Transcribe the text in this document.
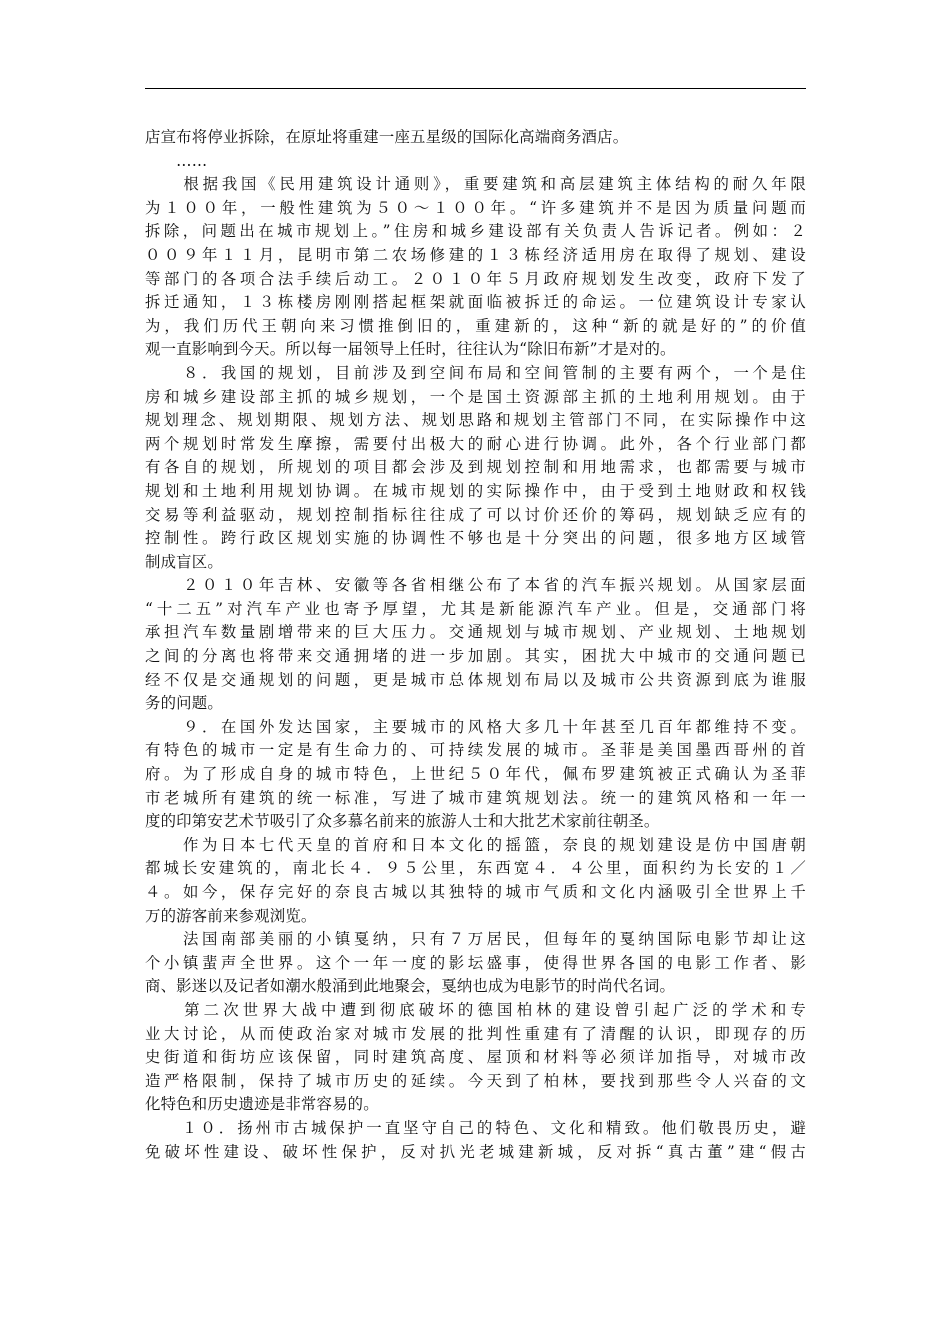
店宣布将停业拆除，在原址将重建一座五星级的国际化高端商务酒店。
　　……
　　根据我国《民用建筑设计通则》，重要建筑和高层建筑主体结构的耐久年限
为１００年，一般性建筑为５０～１００年。“许多建筑并不是因为质量问题而
拆除，问题出在城市规划上。”住房和城乡建设部有关负责人告诉记者。例如：２
００９年１１月，昆明市第二农场修建的１３栋经济适用房在取得了规划、建设
等部门的各项合法手续后动工。２０１０年５月政府规划发生改变，政府下发了
拆迁通知，１３栋楼房刚刚搭起框架就面临被拆迁的命运。一位建筑设计专家认
为，我们历代王朝向来习惯推倒旧的，重建新的，这种“新的就是好的”的价值
观一直影响到今天。所以每一届领导上任时，往往认为“除旧布新”才是对的。
　　８．我国的规划，目前涉及到空间布局和空间管制的主要有两个，一个是住
房和城乡建设部主抓的城乡规划，一个是国土资源部主抓的土地利用规划。由于
规划理念、规划期限、规划方法、规划思路和规划主管部门不同，在实际操作中这
两个规划时常发生摩擦，需要付出极大的耐心进行协调。此外，各个行业部门都
有各自的规划，所规划的项目都会涉及到规划控制和用地需求，也都需要与城市
规划和土地利用规划协调。在城市规划的实际操作中，由于受到土地财政和权钱
交易等利益驱动，规划控制指标往往成了可以讨价还价的筹码，规划缺乏应有的
控制性。跨行政区规划实施的协调性不够也是十分突出的问题，很多地方区域管
制成盲区。
　　２０１０年吉林、安徽等各省相继公布了本省的汽车振兴规划。从国家层面
“十二五”对汽车产业也寄予厚望，尤其是新能源汽车产业。但是，交通部门将
承担汽车数量剧增带来的巨大压力。交通规划与城市规划、产业规划、土地规划
之间的分离也将带来交通拥堵的进一步加剧。其实，困扰大中城市的交通问题已
经不仅是交通规划的问题，更是城市总体规划布局以及城市公共资源到底为谁服
务的问题。
　　９．在国外发达国家，主要城市的风格大多几十年甚至几百年都维持不变。
有特色的城市一定是有生命力的、可持续发展的城市。圣菲是美国墨西哥州的首
府。为了形成自身的城市特色，上世纪５０年代，佩布罗建筑被正式确认为圣菲
市老城所有建筑的统一标准，写进了城市建筑规划法。统一的建筑风格和一年一
度的印第安艺术节吸引了众多慕名前来的旅游人士和大批艺术家前往朝圣。
　　作为日本七代天皇的首府和日本文化的摇篮，奈良的规划建设是仿中国唐朝
都城长安建筑的，南北长４．９５公里，东西宽４．４公里，面积约为长安的１／
４。如今，保存完好的奈良古城以其独特的城市气质和文化内涵吸引全世界上千
万的游客前来参观浏览。
　　法国南部美丽的小镇戛纳，只有７万居民，但每年的戛纳国际电影节却让这
个小镇蜚声全世界。这个一年一度的影坛盛事，使得世界各国的电影工作者、影
商、影迷以及记者如潮水般涌到此地聚会，戛纳也成为电影节的时尚代名词。
　　第二次世界大战中遭到彻底破坏的德国柏林的建设曾引起广泛的学术和专
业大讨论，从而使政治家对城市发展的批判性重建有了清醒的认识，即现存的历
史街道和街坊应该保留，同时建筑高度、屋顶和材料等必须详加指导，对城市改
造严格限制，保持了城市历史的延续。今天到了柏林，要找到那些令人兴奋的文
化特色和历史遗迹是非常容易的。
　　１０．扬州市古城保护一直坚守自己的特色、文化和精致。他们敬畏历史，避
免破坏性建设、破坏性保护，反对扒光老城建新城，反对拆“真古董”建“假古
